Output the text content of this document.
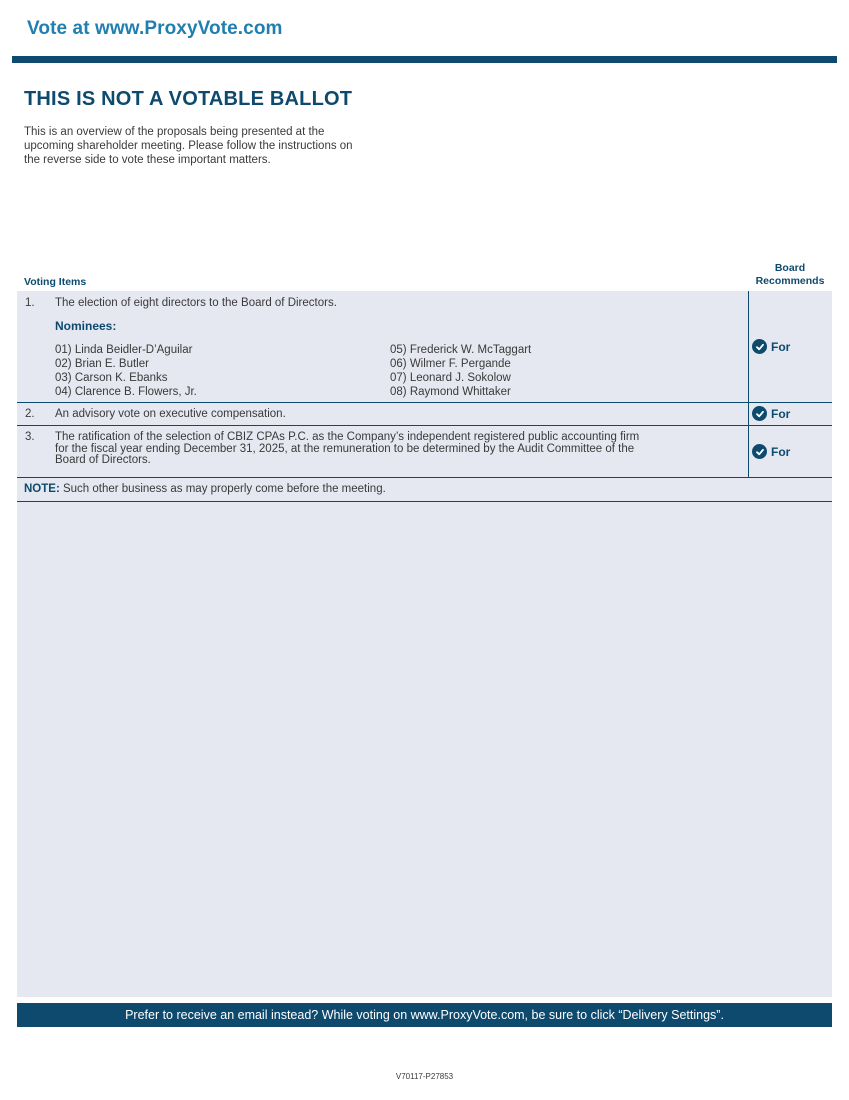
Vote at www.ProxyVote.com
THIS IS NOT A VOTABLE BALLOT
This is an overview of the proposals being presented at the
upcoming shareholder meeting. Please follow the instructions on
the reverse side to vote these important matters.
Voting Items
Board
Recommends
1. The election of eight directors to the Board of Directors.
Nominees:
01) Linda Beidler-D’Aguilar
02) Brian E. Butler
03) Carson K. Ebanks
04) Clarence B. Flowers, Jr.
05) Frederick W. McTaggart
06) Wilmer F. Pergande
07) Leonard J. Sokolow
08) Raymond Whittaker
For
2. An advisory vote on executive compensation.	For
3. The ratification of the selection of CBIZ CPAs P.C. as the Company’s independent registered public accounting firm
for the fiscal year ending December 31, 2025, at the remuneration to be determined by the Audit Committee of the
Board of Directors.
For
NOTE: Such other business as may properly come before the meeting.
Prefer to receive an email instead? While voting on www.ProxyVote.com, be sure to click “Delivery Settings”.
V70117-P27853
